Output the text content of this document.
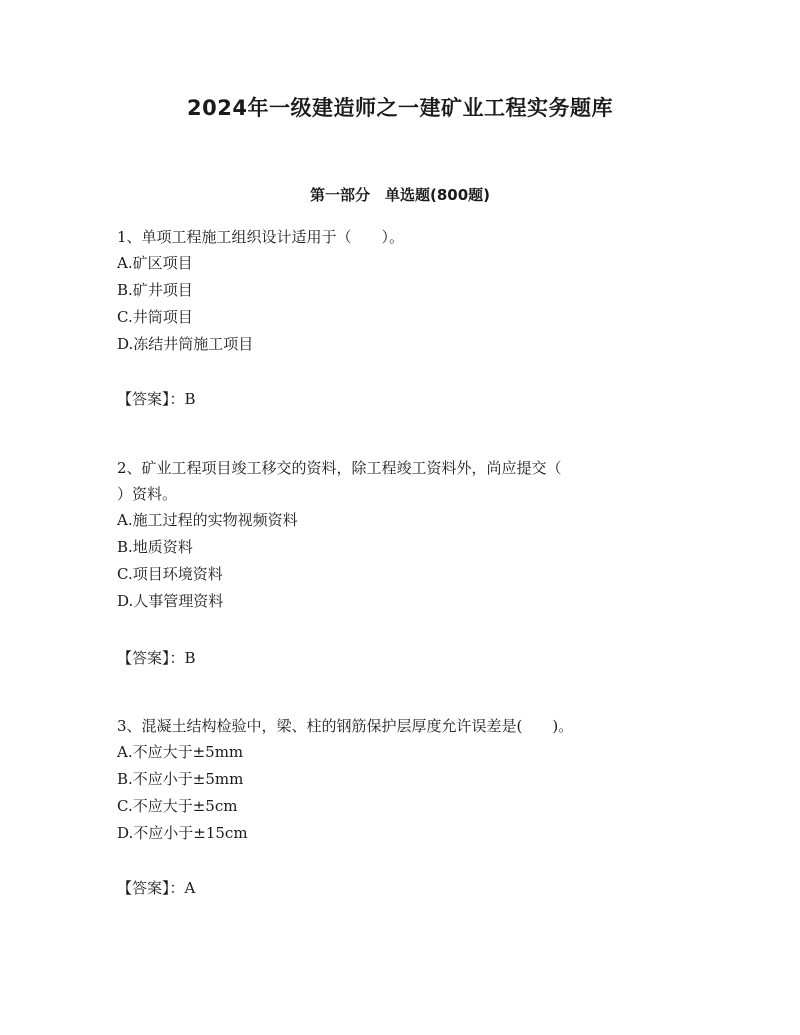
2024年一级建造师之一建矿业工程实务题库
第一部分　单选题(800题)

1、单项工程施工组织设计适用于（　　）。

A.矿区项目

B.矿井项目

C.井筒项目

D.冻结井筒施工项目

【答案】：B

2、矿业工程项目竣工移交的资料，除工程竣工资料外，尚应提交（

）资料。

A.施工过程的实物视频资料

B.地质资料

C.项目环境资料

D.人事管理资料

【答案】：B

3、混凝土结构检验中，梁、柱的钢筋保护层厚度允许误差是(　　)。

A.不应大于±5mm

B.不应小于±5mm

C.不应大于±5cm

D.不应小于±15cm

【答案】：A
